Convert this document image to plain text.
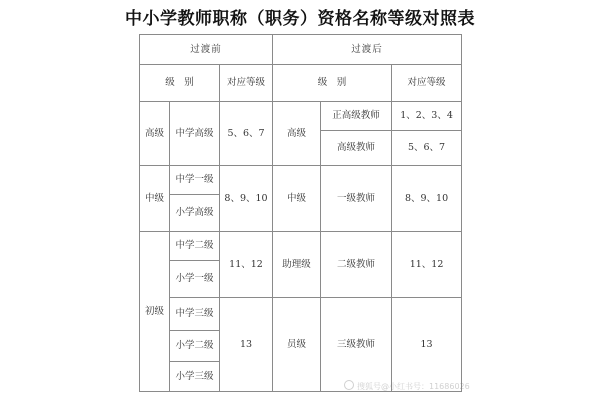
中小学教师职称（职务）资格名称等级对照表
过渡前			过渡后		
级　别		对应等级	级　别		对应等级
高级	中学高级	5、6、7	高级	正高级教师	1、2、3、4
				高级教师	5、6、7
中级	中学一级	8、9、10	中级	一级教师	8、9、10
	小学高级				
初级	中学二级	11、12	助理级	二级教师	11、12
	小学一级				
	中学三级	13	员级	三级教师	13
	小学二级				
	小学三级				
搜狐号@小红书号：11686026
